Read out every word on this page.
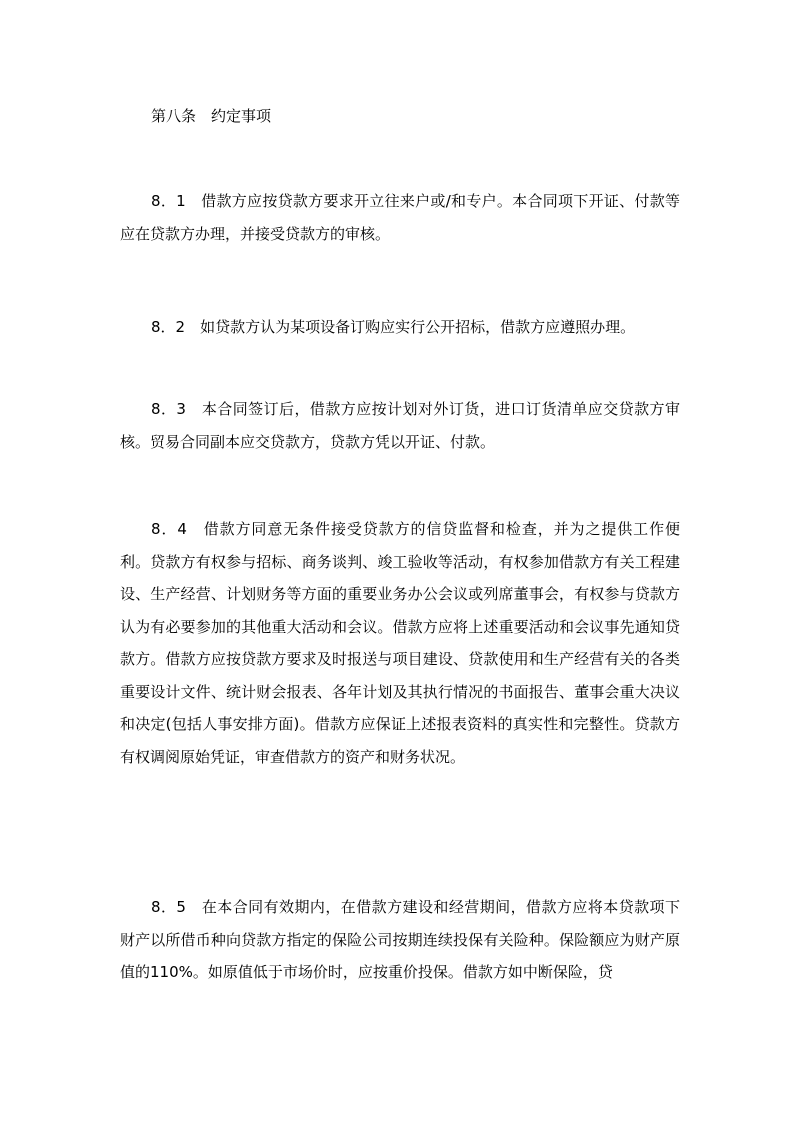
第八条　约定事项

8．1　借款方应按贷款方要求开立往来户或/和专户。本合同项下开证、付款等应在贷款方办理，并接受贷款方的审核。

8．2　如贷款方认为某项设备订购应实行公开招标，借款方应遵照办理。

8．3　本合同签订后，借款方应按计划对外订货，进口订货清单应交贷款方审核。贸易合同副本应交贷款方，贷款方凭以开证、付款。

8．4　借款方同意无条件接受贷款方的信贷监督和检查，并为之提供工作便利。贷款方有权参与招标、商务谈判、竣工验收等活动，有权参加借款方有关工程建设、生产经营、计划财务等方面的重要业务办公会议或列席董事会，有权参与贷款方认为有必要参加的其他重大活动和会议。借款方应将上述重要活动和会议事先通知贷款方。借款方应按贷款方要求及时报送与项目建设、贷款使用和生产经营有关的各类重要设计文件、统计财会报表、各年计划及其执行情况的书面报告、董事会重大决议和决定(包括人事安排方面)。借款方应保证上述报表资料的真实性和完整性。贷款方有权调阅原始凭证，审查借款方的资产和财务状况。

8．5　在本合同有效期内，在借款方建设和经营期间，借款方应将本贷款项下财产以所借币种向贷款方指定的保险公司按期连续投保有关险种。保险额应为财产原值的110%。如原值低于市场价时，应按重价投保。借款方如中断保险，贷
